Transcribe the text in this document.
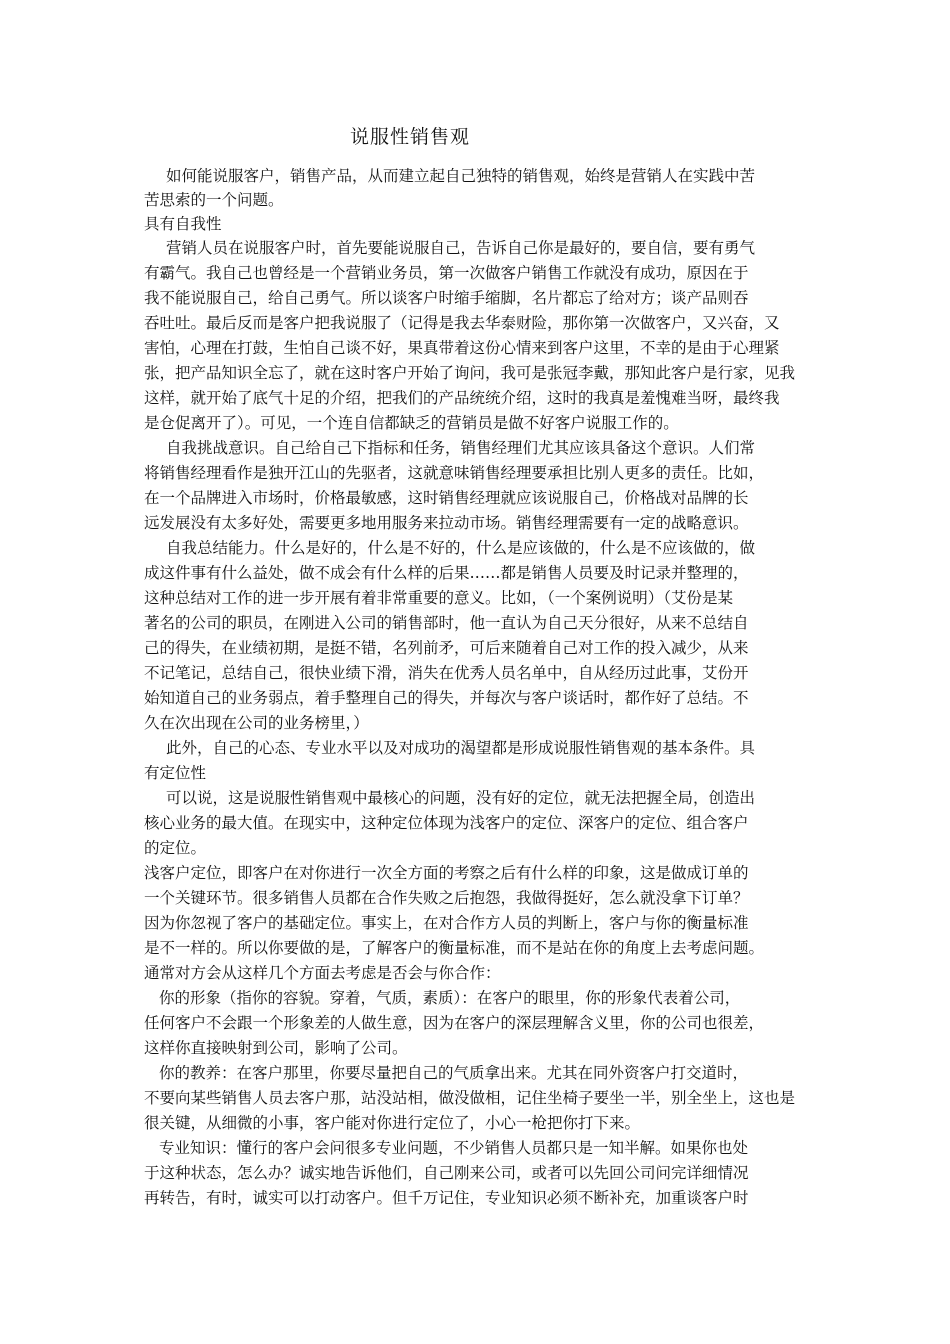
说服性销售观
如何能说服客户，销售产品，从而建立起自己独特的销售观，始终是营销人在实践中苦
苦思索的一个问题。
具有自我性
营销人员在说服客户时，首先要能说服自己，告诉自己你是最好的，要自信，要有勇气
有霸气。我自己也曾经是一个营销业务员，第一次做客户销售工作就没有成功，原因在于
我不能说服自己，给自己勇气。所以谈客户时缩手缩脚，名片都忘了给对方；谈产品则吞
吞吐吐。最后反而是客户把我说服了（记得是我去华泰财险，那你第一次做客户，又兴奋，又
害怕，心理在打鼓，生怕自己谈不好，果真带着这份心情来到客户这里，不幸的是由于心理紧
张，把产品知识全忘了，就在这时客户开始了询问，我可是张冠李戴，那知此客户是行家，见我
这样，就开始了底气十足的介绍，把我们的产品统统介绍，这时的我真是羞愧难当呀，最终我
是仓促离开了）。可见，一个连自信都缺乏的营销员是做不好客户说服工作的。
自我挑战意识。自己给自己下指标和任务，销售经理们尤其应该具备这个意识。人们常
将销售经理看作是独开江山的先驱者，这就意味销售经理要承担比别人更多的责任。比如，
在一个品牌进入市场时，价格最敏感，这时销售经理就应该说服自己，价格战对品牌的长
远发展没有太多好处，需要更多地用服务来拉动市场。销售经理需要有一定的战略意识。
自我总结能力。什么是好的，什么是不好的，什么是应该做的，什么是不应该做的，做
成这件事有什么益处，做不成会有什么样的后果……都是销售人员要及时记录并整理的，
这种总结对工作的进一步开展有着非常重要的意义。比如，（一个案例说明）（艾份是某
著名的公司的职员，在刚进入公司的销售部时，他一直认为自己天分很好，从来不总结自
己的得失，在业绩初期，是挺不错，名列前矛，可后来随着自己对工作的投入减少，从来
不记笔记，总结自己，很快业绩下滑，消失在优秀人员名单中，自从经历过此事，艾份开
始知道自己的业务弱点，着手整理自己的得失，并每次与客户谈话时，都作好了总结。不
久在次出现在公司的业务榜里，）
此外，自己的心态、专业水平以及对成功的渴望都是形成说服性销售观的基本条件。具
有定位性
可以说，这是说服性销售观中最核心的问题，没有好的定位，就无法把握全局，创造出
核心业务的最大值。在现实中，这种定位体现为浅客户的定位、深客户的定位、组合客户
的定位。
浅客户定位，即客户在对你进行一次全方面的考察之后有什么样的印象，这是做成订单的
一个关键环节。很多销售人员都在合作失败之后抱怨，我做得挺好，怎么就没拿下订单？
因为你忽视了客户的基础定位。事实上，在对合作方人员的判断上，客户与你的衡量标准
是不一样的。所以你要做的是，了解客户的衡量标准，而不是站在你的角度上去考虑问题。
通常对方会从这样几个方面去考虑是否会与你合作：
你的形象（指你的容貌。穿着，气质，素质）：在客户的眼里，你的形象代表着公司，
任何客户不会跟一个形象差的人做生意，因为在客户的深层理解含义里，你的公司也很差，
这样你直接映射到公司，影响了公司。
你的教养：在客户那里，你要尽量把自己的气质拿出来。尤其在同外资客户打交道时，
不要向某些销售人员去客户那，站没站相，做没做相，记住坐椅子要坐一半，别全坐上，这也是
很关键，从细微的小事，客户能对你进行定位了，小心一枪把你打下来。
专业知识：懂行的客户会问很多专业问题，不少销售人员都只是一知半解。如果你也处
于这种状态，怎么办？诚实地告诉他们，自己刚来公司，或者可以先回公司问完详细情况
再转告，有时，诚实可以打动客户。但千万记住，专业知识必须不断补充，加重谈客户时
